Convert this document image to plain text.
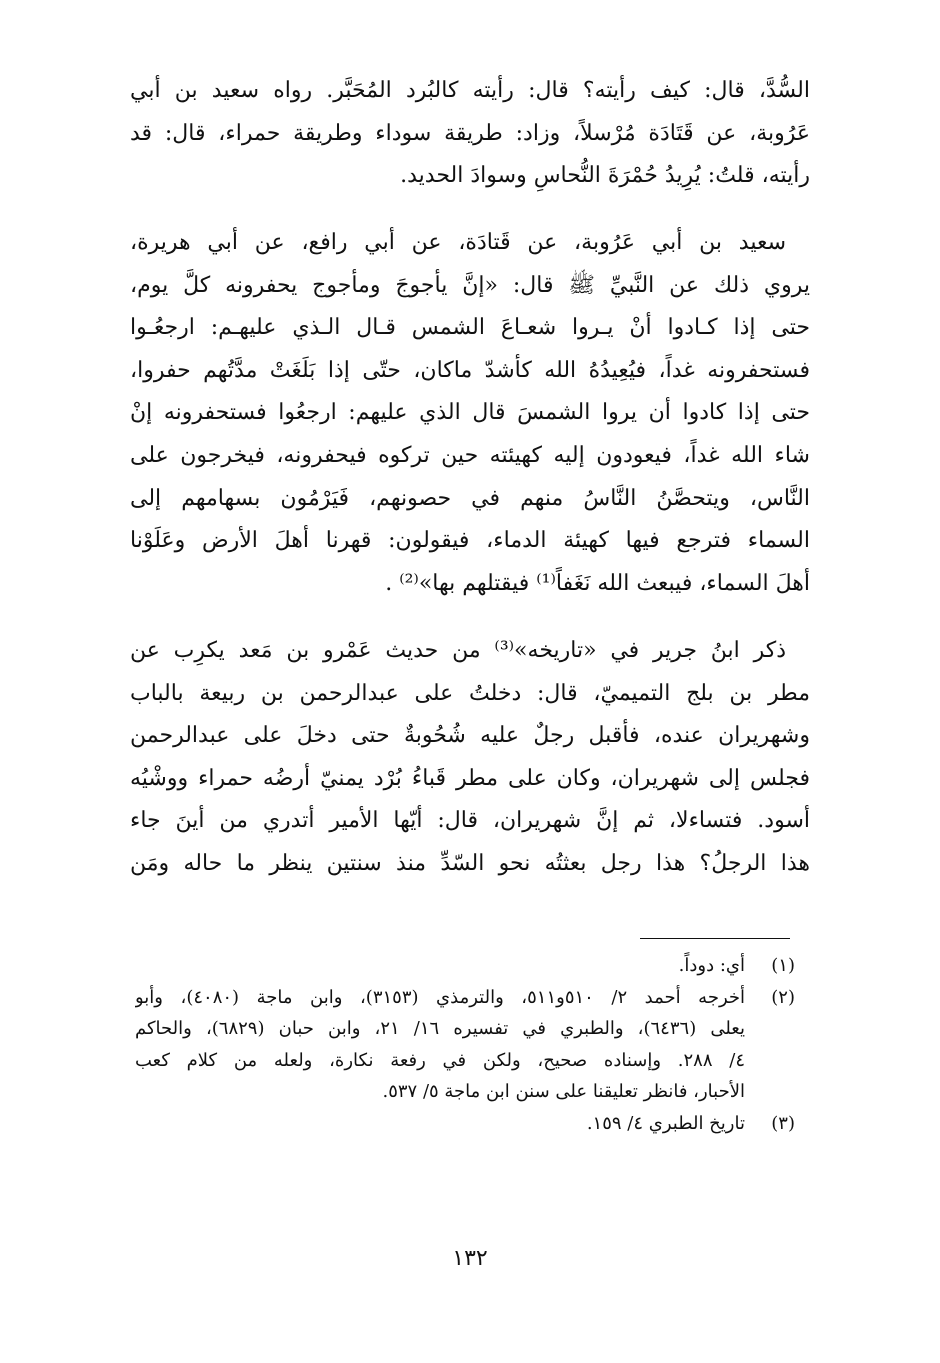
السُّدَّ، قال: كيف رأيته؟ قال: رأيته كالبُرد المُحَبَّر. رواه سعيد بن أبي
عَرُوبة، عن قَتَادَة مُرْسلاً، وزاد: طريقة سوداء وطريقة حمراء، قال: قد
رأيته، قلتُ: يُرِيدُ حُمْرَةَ النُّحاسِ وسوادَ الحديد.

سعيد بن أبي عَرُوبة، عن قَتادَة، عن أبي رافع، عن أبي هريرة،
يروي ذلك عن النَّبيِّ ﷺ قال: «إنَّ يأجوجَ ومأجوج يحفرونه كلَّ يوم،
حتى إذا كـادوا أنْ يـروا شعـاعَ الشمس قـال الـذي عليهـم: ارجعُـوا
فستحفرونه غداً، فيُعِيدُهُ الله كأشدّ ماكان، حتّى إذا بَلَغَتْ مدَّتُهم حفروا،
حتى إذا كادوا أن يروا الشمسَ قال الذي عليهم: ارجعُوا فستحفرونه إنْ
شاء الله غداً، فيعودون إليه كهيئته حين تركوه فيحفرونه، فيخرجون على
النَّاس، ويتحصَّنُ النَّاسُ منهم في حصونهم، فَيَرْمُون بسهامهم إلى
السماء فترجع فيها كهيئة الدماء، فيقولون: قهرنا أهلَ الأرض وعَلَوْنا
أهلَ السماء، فيبعث الله نَغَفاً⁽¹⁾ فيقتلهم بها»⁽²⁾ .

ذكر ابنُ جرير في «تاريخه»⁽³⁾ من حديث عَمْرو بن مَعد يكرِب عن
مطر بن بلج التميميّ، قال: دخلتُ على عبدالرحمن بن ربيعة بالباب
وشهريران عنده، فأقبل رجلٌ عليه شُحُوبةٌ حتى دخلَ على عبدالرحمن
فجلس إلى شهريران، وكان على مطر قَباءُ بُرْد يمنيّ أرضُه حمراء ووشْيُه
أسود. فتساءلا، ثم إنَّ شهريران، قال: أيّها الأمير أتدري من أينَ جاء
هذا الرجلُ؟ هذا رجل بعثتُه نحو السّدِّ منذ سنتين ينظر ما حاله ومَن

(١)
أي: دوداً.
(٢)
أخرجه أحمد ٢/ ٥١٠و٥١١، والترمذي (٣١٥٣)، وابن ماجة (٤٠٨٠)، وأبو
يعلى (٦٤٣٦)، والطبري في تفسيره ١٦/ ٢١، وابن حبان (٦٨٢٩)، والحاكم
٤/ ٢٨٨. وإسناده صحيح، ولكن في رفعة نكارة، ولعله من كلام كعب
الأحبار، فانظر تعليقنا على سنن ابن ماجة ٥/ ٥٣٧.
(٣)
تاريخ الطبري ٤/ ١٥٩.
١٣٢
